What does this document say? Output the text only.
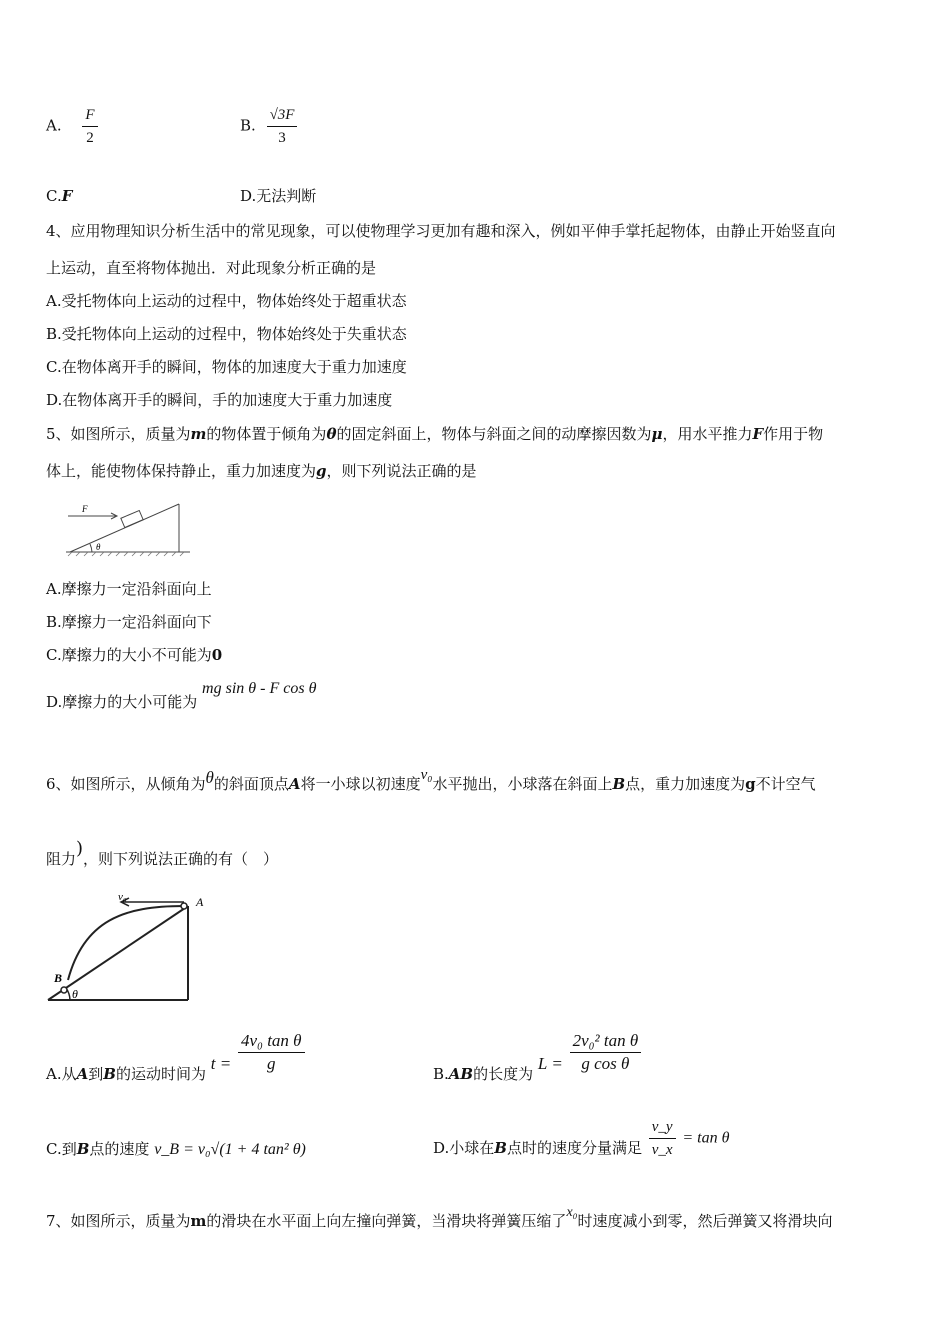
A. $\frac{F}{2}$	B. $\frac{√3F}{3}$
C.F	D.无法判断
4、应用物理知识分析生活中的常见现象，可以使物理学习更加有趣和深入，例如平伸手掌托起物体，由静止开始竖直向
上运动，直至将物体抛出．对此现象分析正确的是
A.受托物体向上运动的过程中，物体始终处于超重状态
B.受托物体向上运动的过程中，物体始终处于失重状态
C.在物体离开手的瞬间，物体的加速度大于重力加速度
D.在物体离开手的瞬间，手的加速度大于重力加速度
5、如图所示，质量为m的物体置于倾角为θ的固定斜面上，物体与斜面之间的动摩擦因数为μ，用水平推力F作用于物
体上，能使物体保持静止，重力加速度为g，则下列说法正确的是
F
θ
A.摩擦力一定沿斜面向上
B.摩擦力一定沿斜面向下
C.摩擦力的大小不可能为0
D.摩擦力的大小可能为 mg sin θ - F cos θ
6、如图所示，从倾角为θ的斜面顶点A将一小球以初速度v₀水平抛出，小球落在斜面上B点，重力加速度为g不计空气
阻力)，则下列说法正确的有（　）
v₀	A
B
θ
A.从A到B的运动时间为 $t = \frac{\text{4v₀ tan θ}}{g}$
B.AB的长度为 $L = \frac{\text{2v₀² tan θ}}{\text{g cos θ}}$
C.到B点的速度 v_B = v₀√(1 + 4 tan² θ)	D.小球在B点时的速度分量满足 $\frac{v\_y}{v\_x} = \tan \theta$
7、如图所示，质量为m的滑块在水平面上向左撞向弹簧，当滑块将弹簧压缩了x₀时速度减小到零，然后弹簧又将滑块向
